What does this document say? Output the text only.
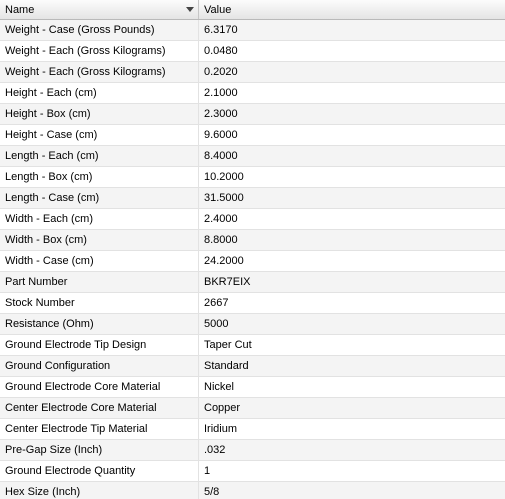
Name	Value
Weight - Case (Gross Pounds)	6.3170
Weight - Each (Gross Kilograms)	0.0480
Weight - Each (Gross Kilograms)	0.2020
Height - Each (cm)	2.1000
Height - Box (cm)	2.3000
Height - Case (cm)	9.6000
Length - Each (cm)	8.4000
Length - Box (cm)	10.2000
Length - Case (cm)	31.5000
Width - Each (cm)	2.4000
Width - Box (cm)	8.8000
Width - Case (cm)	24.2000
Part Number	BKR7EIX
Stock Number	2667
Resistance (Ohm)	5000
Ground Electrode Tip Design	Taper Cut
Ground Configuration	Standard
Ground Electrode Core Material	Nickel
Center Electrode Core Material	Copper
Center Electrode Tip Material	Iridium
Pre-Gap Size (Inch)	.032
Ground Electrode Quantity	1
Hex Size (Inch)	5/8
